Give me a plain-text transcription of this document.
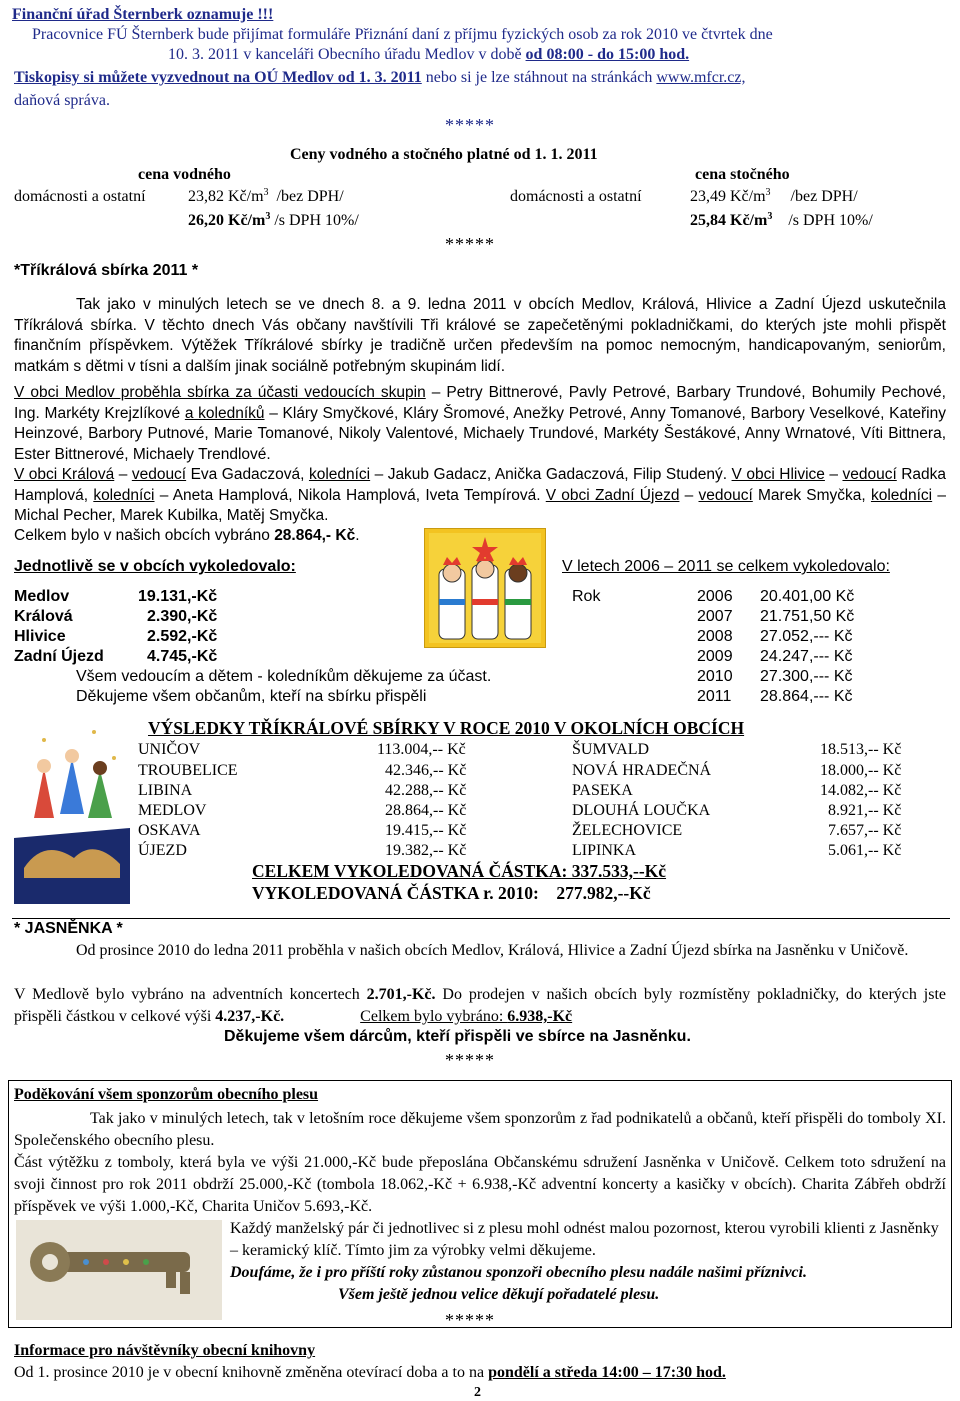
Finanční úřad Šternberk oznamuje !!!
Pracovnice FÚ Šternberk bude přijímat formuláře Přiznání daní z příjmu fyzických osob za rok 2010 ve čtvrtek dne
10. 3. 2011 v kanceláři Obecního úřadu Medlov v době od 08:00 - do 15:00 hod.
Tiskopisy si můžete vyzvednout na OÚ Medlov od 1. 3. 2011 nebo si je lze stáhnout na stránkách www.mfcr.cz,
daňová správa.
*****
Ceny vodného a stočného platné od 1. 1. 2011
cena vodného	cena stočného
domácnosti a ostatní	23,82 $Kč/m^3$ /bez DPH/	domácnosti a ostatní	23,49 $Kč/m^3$ /bez DPH/
26,20 $Kč/m^3$ /s DPH 10%/	25,84 $Kč/m^3$ /s DPH 10%/
*****
*Tříkrálová sbírka 2011 *
Tak jako v minulých letech se ve dnech 8. a 9. ledna 2011 v obcích Medlov, Králová, Hlivice a Zadní Újezd uskutečnila Tříkrálová sbírka. V těchto dnech Vás občany navštívili Tři králové se zapečetěnými pokladničkami, do kterých jste mohli přispět finančním příspěvkem. Výtěžek Tříkrálové sbírky je tradičně určen především na pomoc nemocným, handicapovaným, seniorům, matkám s dětmi v tísni a dalším jinak sociálně potřebným skupinám lidí.
V obci Medlov proběhla sbírka za účasti vedoucích skupin – Petry Bittnerové, Pavly Petrové, Barbary Trundové, Bohumily Pechové, Ing. Markéty Krejzlíkové a koledníků – Kláry Smyčkové, Kláry Šromové, Anežky Petrové, Anny Tomanové, Barbory Veselkové, Kateřiny Heinzové, Barbory Putnové, Marie Tomanové, Nikoly Valentové, Michaely Trundové, Markéty Šestákové, Anny Wrnatové, Víti Bittnera, Ester Bittnerové, Michaely Trendlové.
V obci Králová – vedoucí Eva Gadaczová, koledníci – Jakub Gadacz, Anička Gadaczová, Filip Studený. V obci Hlivice – vedoucí Radka Hamplová, koledníci – Aneta Hamplová, Nikola Hamplová, Iveta Tempírová. V obci Zadní Újezd – vedoucí Marek Smyčka, koledníci – Michal Pecher, Marek Kubilka, Matěj Smyčka.
Celkem bylo v našich obcích vybráno 28.864,- Kč.
Jednotlivě se v obcích vykoledovalo:	V letech 2006 – 2011 se celkem vykoledovalo:
Medlov	19.131,-Kč
Králová	2.390,-Kč
Hlivice	2.592,-Kč
Zadní Újezd	4.745,-Kč
Všem vedoucím a dětem - koledníkům děkujeme za účast.
Děkujeme všem občanům, kteří na sbírku přispěli
Rok	2006 20.401,00 Kč
2007 21.751,50 Kč
2008 27.052,--- Kč
2009 24.247,--- Kč
2010 27.300,--- Kč
2011 28.864,--- Kč
VÝSLEDKY TŘÍKRÁLOVÉ SBÍRKY V ROCE 2010 V OKOLNÍCH OBCÍCH
UNIČOV	113.004,-- Kč
TROUBELICE	42.346,-- Kč
LIBINA	42.288,-- Kč
MEDLOV	28.864,-- Kč
OSKAVA	19.415,-- Kč
ÚJEZD	19.382,-- Kč
ŠUMVALD	18.513,-- Kč
NOVÁ HRADEČNÁ	18.000,-- Kč
PASEKA	14.082,-- Kč
DLOUHÁ LOUČKA	8.921,-- Kč
ŽELECHOVICE	7.657,-- Kč
LIPINKA	5.061,-- Kč
CELKEM VYKOLEDOVANÁ ČÁSTKA: 337.533,--Kč
VYKOLEDOVANÁ ČÁSTKA r. 2010: 277.982,--Kč
* JASNĚNKA *
Od prosince 2010 do ledna 2011 proběhla v našich obcích Medlov, Králová, Hlivice a Zadní Újezd sbírka na Jasněnku v Uničově.
V Medlově bylo vybráno na adventních koncertech 2.701,-Kč. Do prodejen v našich obcích byly rozmístěny pokladničky, do kterých jste přispěli částkou v celkové výši 4.237,-Kč.	Celkem bylo vybráno: 6.938,-Kč
Děkujeme všem dárcům, kteří přispěli ve sbírce na Jasněnku.
*****
Poděkování všem sponzorům obecního plesu
Tak jako v minulých letech, tak v letošním roce děkujeme všem sponzorům z řad podnikatelů a občanů, kteří přispěli do tomboly XI. Společenského obecního plesu.
Část výtěžku z tomboly, která byla ve výši 21.000,-Kč bude přeposlána Občanskému sdružení Jasněnka v Uničově. Celkem toto sdružení na svoji činnost pro rok 2011 obdrží 25.000,-Kč (tombola 18.062,-Kč + 6.938,-Kč adventní koncerty a kasičky v obcích). Charita Zábřeh obdrží příspěvek ve výši 1.000,-Kč, Charita Uničov 5.693,-Kč.
Každý manželský pár či jednotlivec si z plesu mohl odnést malou pozornost, kterou vyrobili klienti z Jasněnky – keramický klíč. Tímto jim za výrobky velmi děkujeme.
Doufáme, že i pro příští roky zůstanou sponzoři obecního plesu nadále našimi příznivci.
Všem ještě jednou velice děkují pořadatelé plesu.
*****
Informace pro návštěvníky obecní knihovny
Od 1. prosince 2010 je v obecní knihovně změněna otevírací doba a to na pondělí a středa 14:00 – 17:30 hod.
2
